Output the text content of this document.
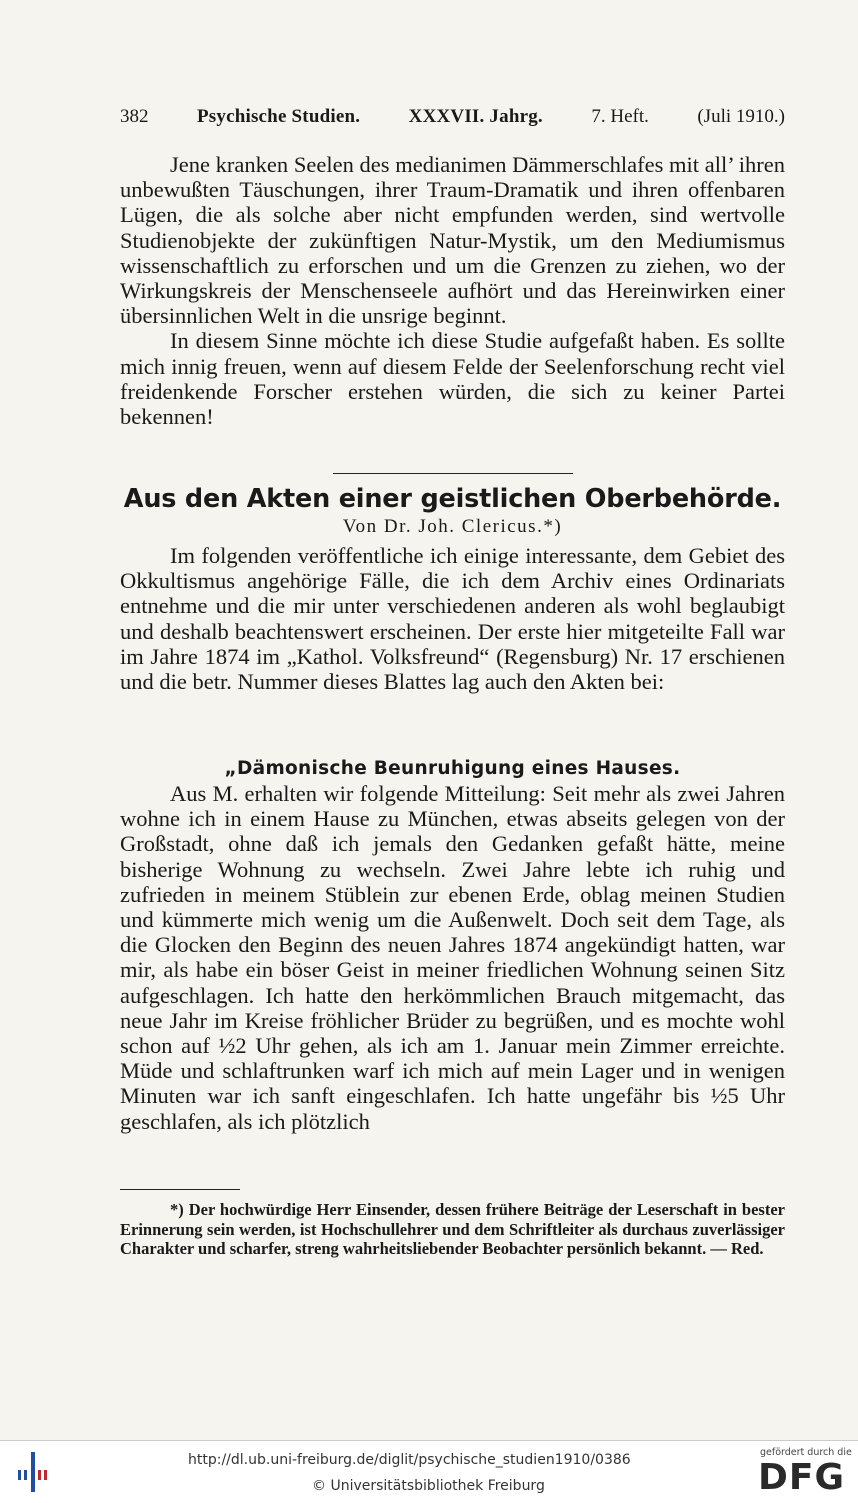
382	Psychische Studien.	XXXVII. Jahrg.	7. Heft.	(Juli 1910.)

Jene kranken Seelen des medianimen Dämmerschlafes mit all’ ihren unbewußten Täuschungen, ihrer Traum-Dramatik und ihren offenbaren Lügen, die als solche aber nicht empfunden werden, sind wertvolle Studienobjekte der zukünftigen Natur-Mystik, um den Mediumismus wissenschaftlich zu erforschen und um die Grenzen zu ziehen, wo der Wirkungskreis der Menschenseele aufhört und das Hereinwirken einer übersinnlichen Welt in die unsrige beginnt.

In diesem Sinne möchte ich diese Studie aufgefaßt haben. Es sollte mich innig freuen, wenn auf diesem Felde der Seelenforschung recht viel freidenkende Forscher erstehen würden, die sich zu keiner Partei bekennen!

Aus den Akten einer geistlichen Oberbehörde.
Von Dr. Joh. Clericus.*)

Im folgenden veröffentliche ich einige interessante, dem Gebiet des Okkultismus angehörige Fälle, die ich dem Archiv eines Ordinariats entnehme und die mir unter verschiedenen anderen als wohl beglaubigt und deshalb beachtenswert erscheinen. Der erste hier mitgeteilte Fall war im Jahre 1874 im „Kathol. Volksfreund“ (Regensburg) Nr. 17 erschienen und die betr. Nummer dieses Blattes lag auch den Akten bei:

„Dämonische Beunruhigung eines Hauses.

Aus M. erhalten wir folgende Mitteilung: Seit mehr als zwei Jahren wohne ich in einem Hause zu München, etwas abseits gelegen von der Großstadt, ohne daß ich jemals den Gedanken gefaßt hätte, meine bisherige Wohnung zu wechseln. Zwei Jahre lebte ich ruhig und zufrieden in meinem Stüblein zur ebenen Erde, oblag meinen Studien und kümmerte mich wenig um die Außenwelt. Doch seit dem Tage, als die Glocken den Beginn des neuen Jahres 1874 angekündigt hatten, war mir, als habe ein böser Geist in meiner friedlichen Wohnung seinen Sitz aufgeschlagen. Ich hatte den herkömmlichen Brauch mitgemacht, das neue Jahr im Kreise fröhlicher Brüder zu begrüßen, und es mochte wohl schon auf ½2 Uhr gehen, als ich am 1. Januar mein Zimmer erreichte. Müde und schlaftrunken warf ich mich auf mein Lager und in wenigen Minuten war ich sanft eingeschlafen. Ich hatte ungefähr bis ½5 Uhr geschlafen, als ich plötzlich

*) Der hochwürdige Herr Einsender, dessen frühere Beiträge der Leserschaft in bester Erinnerung sein werden, ist Hochschullehrer und dem Schriftleiter als durchaus zuverlässiger Charakter und scharfer, streng wahrheitsliebender Beobachter persönlich bekannt. — Red.

http://dl.ub.uni-freiburg.de/diglit/psychische_studien1910/0386
© Universitätsbibliothek Freiburg
gefördert durch die
DFG
